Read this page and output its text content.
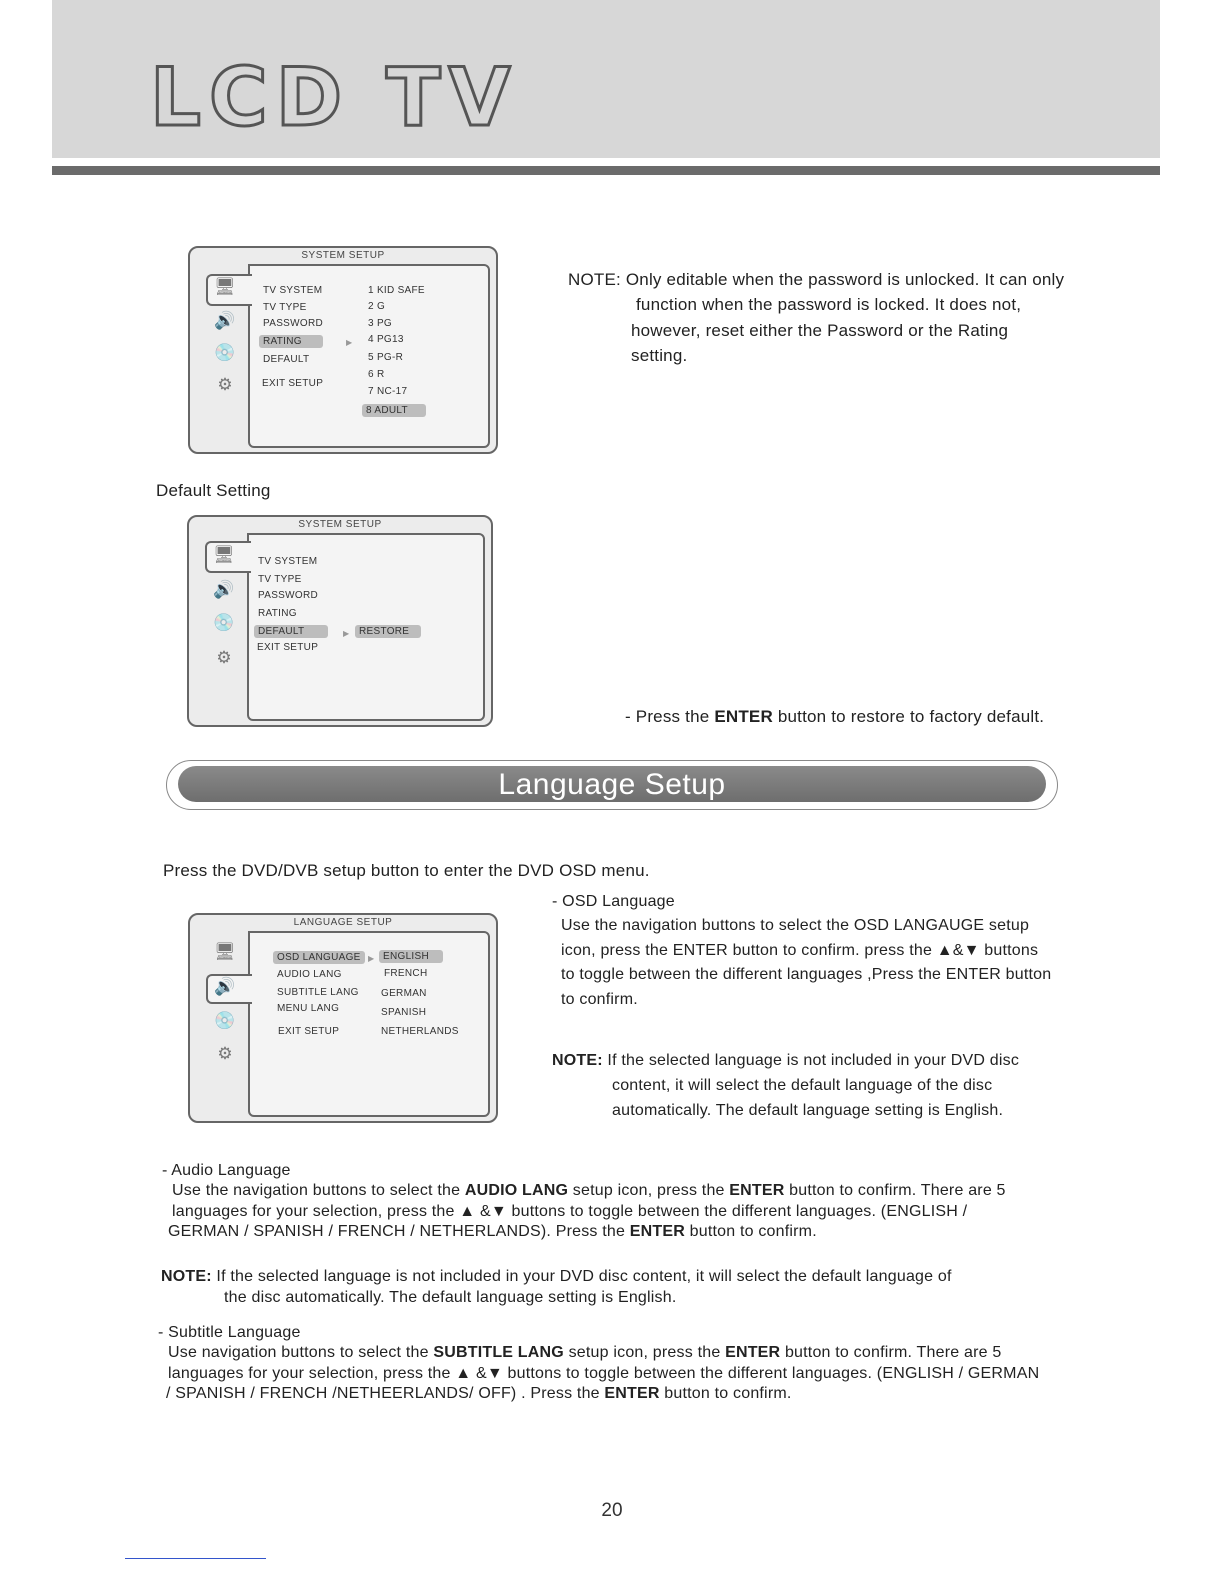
LCD TV
SYSTEM SETUP
🖥
🔊
💿
⚙
TV SYSTEM
TV TYPE
PASSWORD
RATING	▶
DEFAULT
EXIT SETUP
1 KID SAFE
2 G
3 PG
4 PG13
5 PG-R
6 R
7 NC-17
8 ADULT
NOTE: Only editable when the password is unlocked. It can only
function when the password is locked. It does not,
however, reset either the Password or the Rating
setting.
Default Setting
SYSTEM SETUP
🖥
🔊
💿
⚙
TV SYSTEM
TV TYPE
PASSWORD
RATING
DEFAULT	▶ RESTORE
EXIT SETUP
- Press the ENTER button to restore to factory default.
Language Setup
Press the DVD/DVB setup button to enter the DVD OSD menu.
LANGUAGE SETUP
🖥
🔊
💿
⚙
OSD LANGUAGE ▶ ENGLISH
AUDIO LANG
SUBTITLE LANG
MENU LANG
EXIT SETUP
FRENCH
GERMAN
SPANISH
NETHERLANDS
- OSD Language
Use the navigation buttons to select the OSD LANGAUGE setup
icon, press the ENTER button to confirm. press the ▲&▼ buttons
to toggle between the different languages ,Press the ENTER button
to confirm.
NOTE: If the selected language is not included in your DVD disc
content, it will select the default language of the disc
automatically. The default language setting is English.
- Audio Language
Use the navigation buttons to select the AUDIO LANG setup icon, press the ENTER button to confirm. There are 5
languages for your selection, press the ▲ &▼ buttons to toggle between the different languages. (ENGLISH /
GERMAN / SPANISH / FRENCH / NETHERLANDS). Press the ENTER button to confirm.
NOTE: If the selected language is not included in your DVD disc content, it will select the default language of
the disc automatically. The default language setting is English.
- Subtitle Language
Use navigation buttons to select the SUBTITLE LANG setup icon, press the ENTER button to confirm. There are 5
languages for your selection, press the ▲ &▼ buttons to toggle between the different languages. (ENGLISH / GERMAN
/ SPANISH / FRENCH /NETHEERLANDS/ OFF) . Press the ENTER button to confirm.
20
